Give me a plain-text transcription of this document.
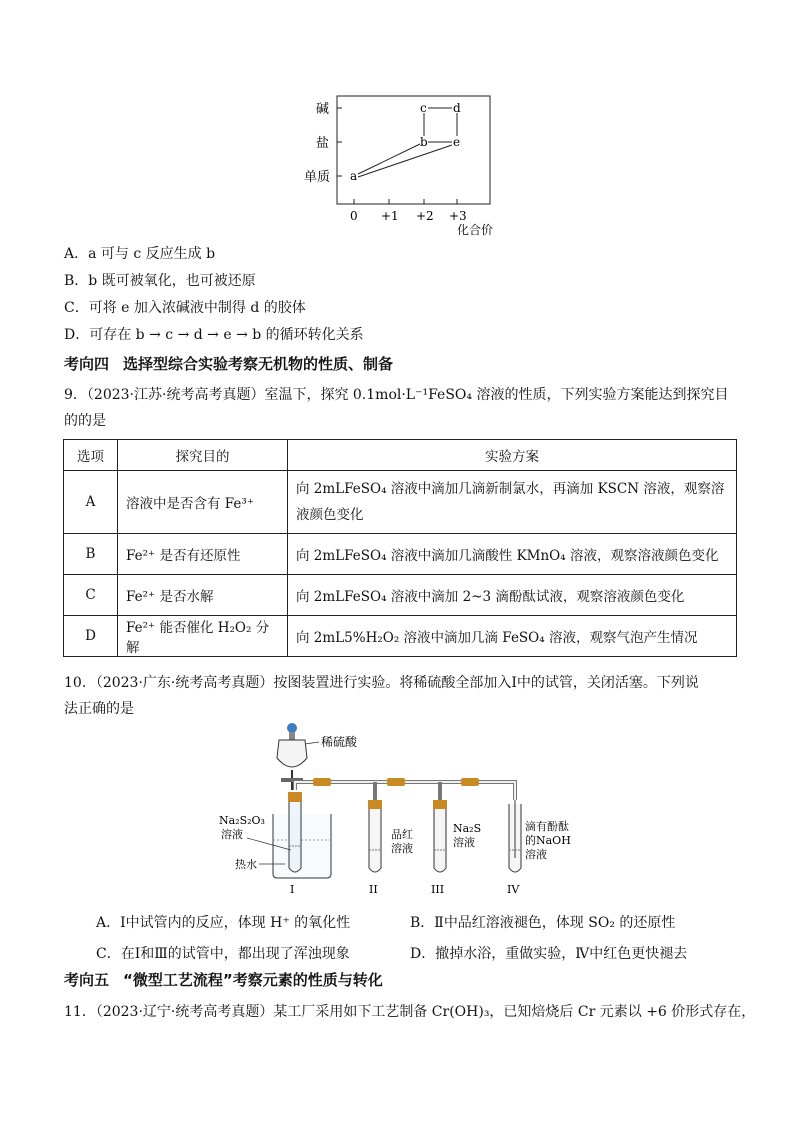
碱
盐
单质
0 +1 +2 +3
化合价
a
b
c d
e
A．a 可与 c 反应生成 b
B．b 既可被氧化，也可被还原
C．可将 e 加入浓碱液中制得 d 的胶体
D．可存在 b → c → d → e → b 的循环转化关系
考向四 选择型综合实验考察无机物的性质、制备
9．（2023·江苏·统考高考真题）室温下，探究 0.1mol·L⁻¹FeSO₄ 溶液的性质，下列实验方案能达到探究目
的的是
选项	探究目的	实验方案
A	溶液中是否含有 Fe³⁺	向 2mLFeSO₄ 溶液中滴加几滴新制氯水，再滴加 KSCN 溶液，观察溶液颜色变化
B	Fe²⁺ 是否有还原性	向 2mLFeSO₄ 溶液中滴加几滴酸性 KMnO₄ 溶液，观察溶液颜色变化
C	Fe²⁺ 是否水解	向 2mLFeSO₄ 溶液中滴加 2~3 滴酚酞试液，观察溶液颜色变化
D	Fe²⁺ 能否催化 H₂O₂ 分解	向 2mL5%H₂O₂ 溶液中滴加几滴 FeSO₄ 溶液，观察气泡产生情况
10．（2023·广东·统考高考真题）按图装置进行实验。将稀硫酸全部加入Ⅰ中的试管，关闭活塞。下列说
法正确的是
稀硫酸
Na₂S₂O₃
溶液
热水
I
品红
溶液
II
Na₂S
溶液
III
滴有酚酞
的NaOH
溶液
IV
A．Ⅰ中试管内的反应，体现 H⁺ 的氧化性	B．Ⅱ中品红溶液褪色，体现 SO₂ 的还原性
C．在Ⅰ和Ⅲ的试管中，都出现了浑浊现象	D．撤掉水浴，重做实验，Ⅳ中红色更快褪去
考向五 “微型工艺流程”考察元素的性质与转化
11．（2023·辽宁·统考高考真题）某工厂采用如下工艺制备 Cr(OH)₃，已知焙烧后 Cr 元素以 +6 价形式存在，
